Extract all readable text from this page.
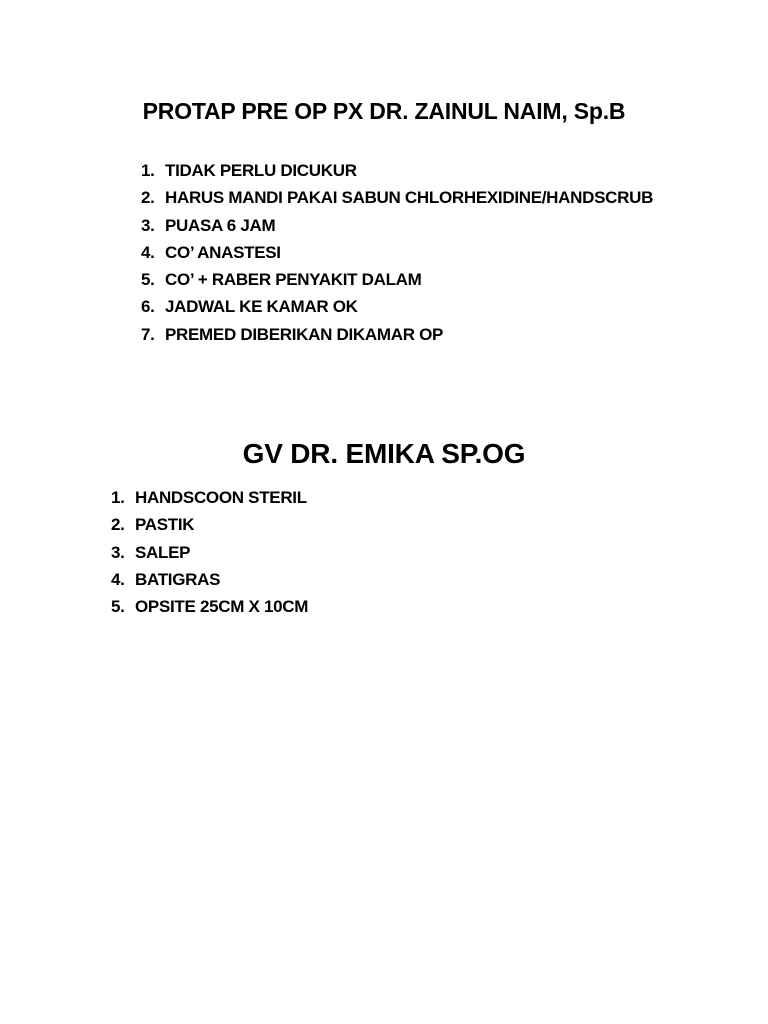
PROTAP PRE OP PX DR. ZAINUL NAIM, Sp.B
1. TIDAK PERLU DICUKUR
2. HARUS MANDI PAKAI SABUN CHLORHEXIDINE/HANDSCRUB
3. PUASA 6 JAM
4. CO’ ANASTESI
5. CO’ + RABER PENYAKIT DALAM
6. JADWAL KE KAMAR OK
7. PREMED DIBERIKAN DIKAMAR OP
GV DR. EMIKA SP.OG
1. HANDSCOON STERIL
2. PASTIK
3. SALEP
4. BATIGRAS
5. OPSITE 25CM X 10CM
